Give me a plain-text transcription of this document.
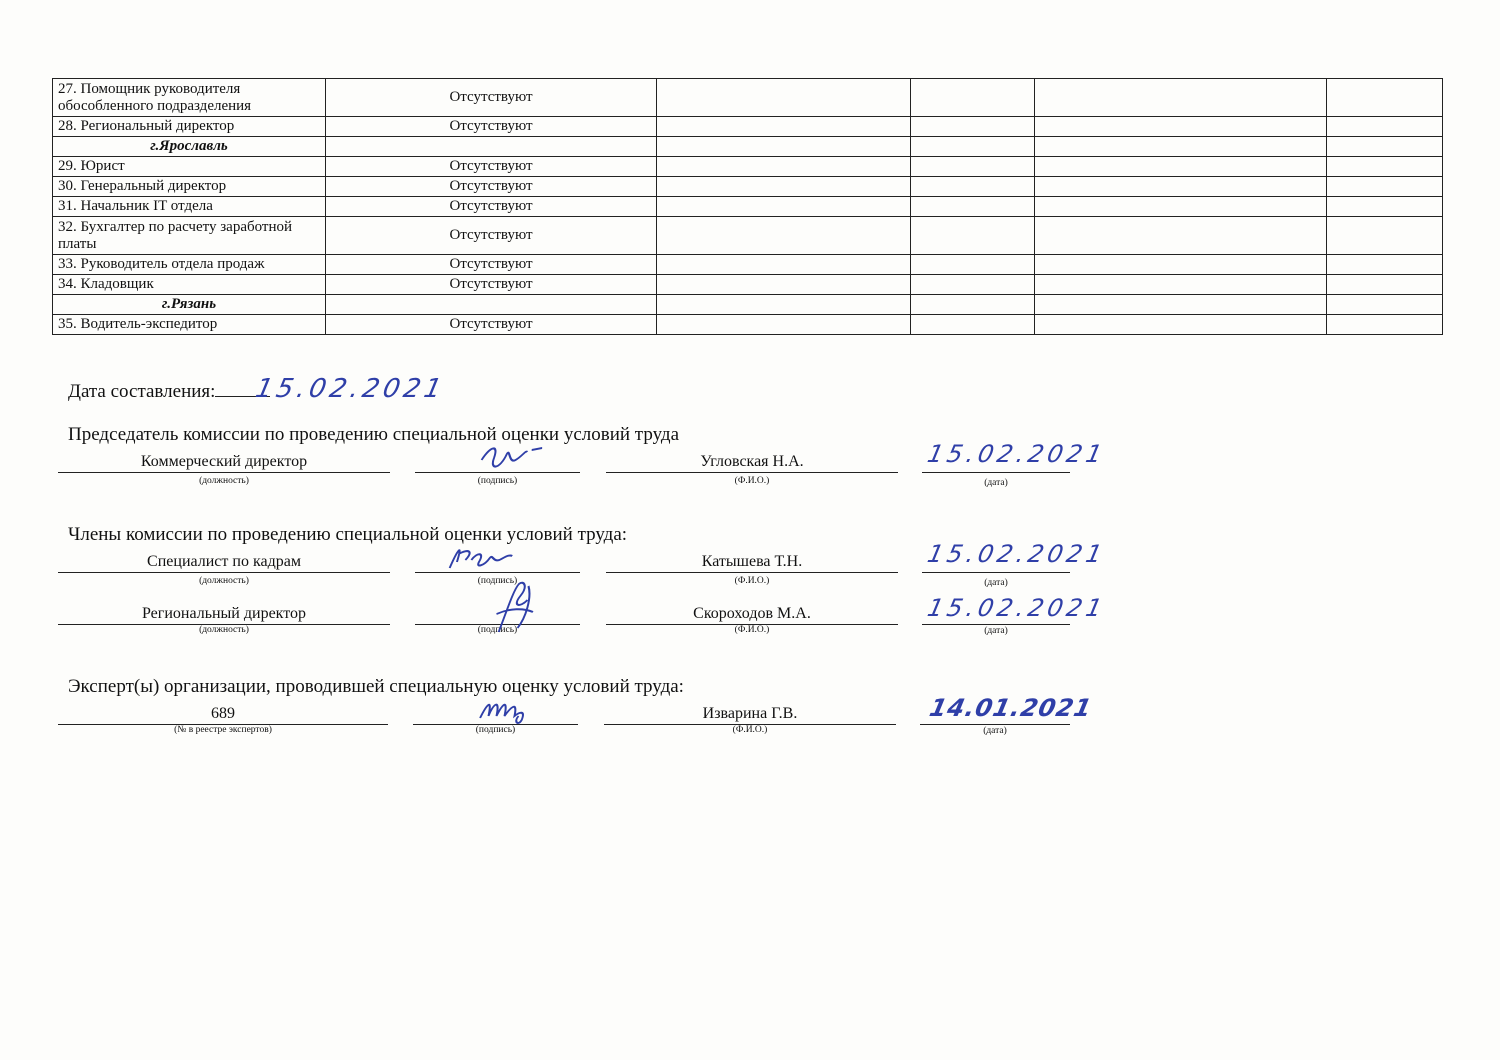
27. Помощник руководителя обособленного подразделения	Отсутствуют				
28. Региональный директор	Отсутствуют				
г.Ярославль					
29. Юрист	Отсутствуют				
30. Генеральный директор	Отсутствуют				
31. Начальник IT отдела	Отсутствуют				
32. Бухгалтер по расчету заработной платы	Отсутствуют				
33. Руководитель отдела продаж	Отсутствуют				
34. Кладовщик	Отсутствуют				
г.Рязань					
35. Водитель-экспедитор	Отсутствуют				
Дата составления:	15.02.2021
Председатель комиссии по проведению специальной оценки условий труда
Коммерческий директор
(должность)	(подпись)
Угловская Н.А.
(Ф.И.О.)	(дата)
15.02.2021
Члены комиссии по проведению специальной оценки условий труда:
Специалист по кадрам
(должность)	(подпись)
Катышева Т.Н.
(Ф.И.О.)	(дата)
15.02.2021
Региональный директор
(должность)	(подпись)
Скороходов М.А.
(Ф.И.О.)	(дата)
15.02.2021
Эксперт(ы) организации, проводившей специальную оценку условий труда:
689
(№ в реестре экспертов)	(подпись)
Изварина Г.В.
(Ф.И.О.)	(дата)
14.01.2021
